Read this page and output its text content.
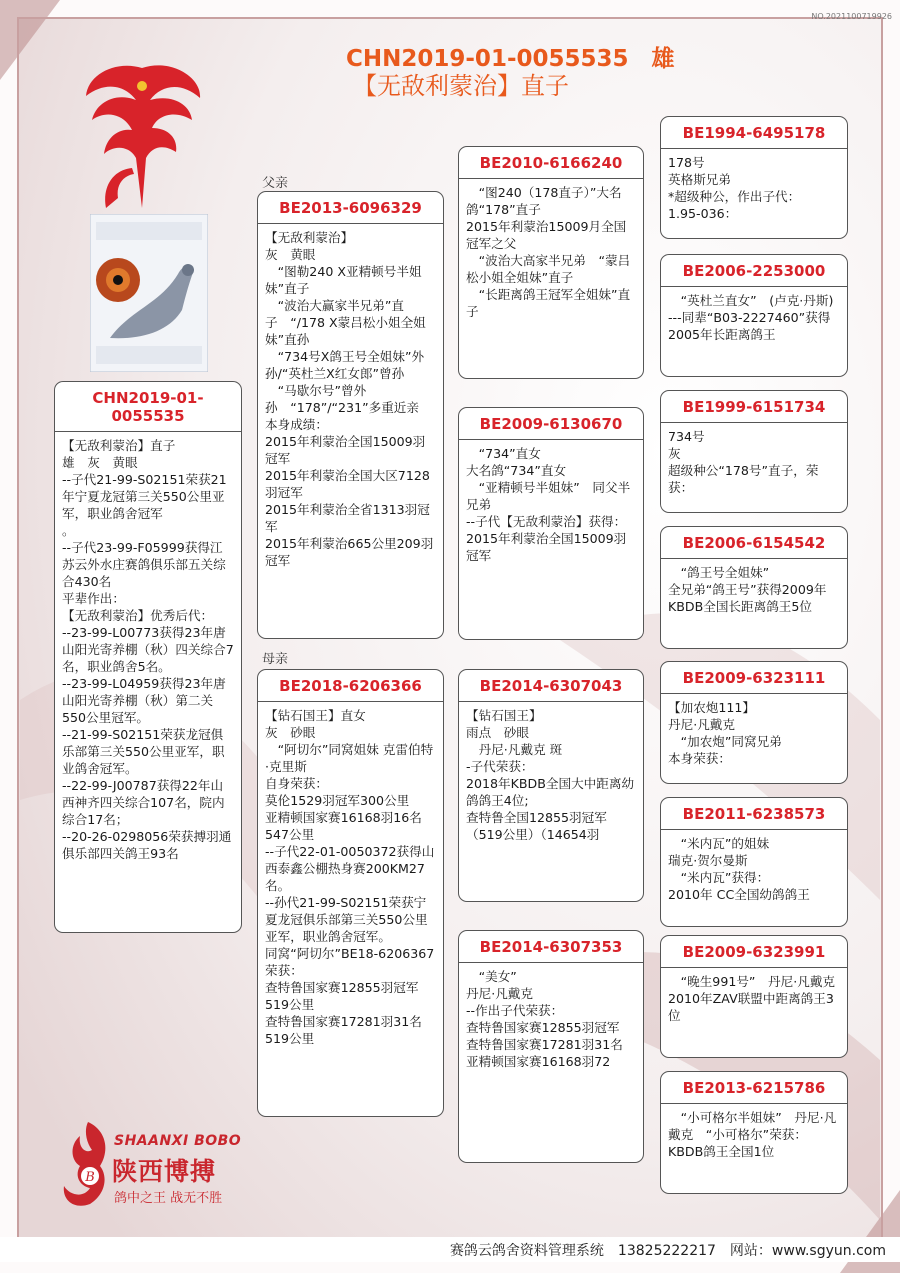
NO.2021100719926
CHN2019-01-0055535　雄
【无敌利蒙治】直子
父亲
母亲
CHN2019-01-0055535
【无敌利蒙治】直子
雄　灰　黄眼
--子代21-99-S02151荣获21年宁夏龙冠第三关550公里亚军，职业鸽舍冠军
。
--子代23-99-F05999获得江苏云外水庄赛鸽俱乐部五关综合430名
平辈作出：
【无敌利蒙治】优秀后代：
--23-99-L00773获得23年唐山阳光寄养棚（秋）四关综合7名，职业鸽舍5名。
--23-99-L04959获得23年唐山阳光寄养棚（秋）第二关550公里冠军。
--21-99-S02151荣获龙冠俱乐部第三关550公里亚军，职业鸽舍冠军。
--22-99-J00787获得22年山西神齐四关综合107名，院内综合17名；
--20-26-0298056荣获搏羽通俱乐部四关鸽王93名
BE2013-6096329
【无敌利蒙治】
灰　黄眼
　“图勒240 X亚精顿号半姐妹”直子
　“波治大赢家半兄弟”直子　“/178 X蒙吕松小姐全姐妹”直孙
　“734号X鸽王号全姐妹”外孙/“英杜兰X红女郎”曾孙
　“马歇尔号”曾外孙　“178”/“231”多重近亲
本身成绩：
2015年利蒙治全国15009羽冠军
2015年利蒙治全国大区7128羽冠军
2015年利蒙治全省1313羽冠军
2015年利蒙治665公里209羽冠军
BE2018-6206366
【钻石国王】直女
灰　砂眼
　“阿切尔”同窝姐妹 克雷伯特·克里斯
自身荣获：
莫伦1529羽冠军300公里
亚精顿国家赛16168羽16名547公里
--子代22-01-0050372获得山西泰鑫公棚热身赛200KM27名。
--孙代21-99-S02151荣获宁夏龙冠俱乐部第三关550公里亚军，职业鸽舍冠军。
同窝“阿切尔”BE18-6206367荣获：
查特鲁国家赛12855羽冠军519公里
查特鲁国家赛17281羽31名519公里
BE2010-6166240
　“图240（178直子）”大名鸽“178”直子
2015年利蒙治15009月全国冠军之父
　“波治大高家半兄弟　“蒙吕松小姐全姐妹”直子
　“长距离鸽王冠军全姐妹”直 子
BE2009-6130670
　“734”直女
大名鸽“734”直女
　“亚精顿号半姐妹”　同父半兄弟
--子代【无敌利蒙治】获得：
2015年利蒙治全国15009羽冠军
BE2014-6307043
【钻石国王】
雨点　砂眼
　丹尼·凡戴克 斑
-子代荣获：
2018年KBDB全国大中距离幼鸽鸽王4位;
查特鲁全国12855羽冠军（519公里）（14654羽
BE2014-6307353
　“美女”
丹尼·凡戴克
--作出子代荣获：
查特鲁国家赛12855羽冠军
查特鲁国家赛17281羽31名
亚精顿国家赛16168羽72
BE1994-6495178
178号
英格斯兄弟
*超级种公，作出子代：
1.95-036：
BE2006-2253000
　“英杜兰直女”　(卢克·丹斯)
---同辈“B03-2227460”获得2005年长距离鸽王
BE1999-6151734
734号
灰
超级种公“178号”直子，荣获：
BE2006-6154542
　“鸽王号全姐妹”
全兄弟“鸽王号”获得2009年KBDB全国长距离鸽王5位
BE2009-6323111
【加农炮111】
丹尼·凡戴克
　“加农炮”同窝兄弟
本身荣获：
BE2011-6238573
　“米内瓦”的姐妹
瑞克·贺尔曼斯
　“米内瓦”获得：
2010年 CC全国幼鸽鸽王
BE2009-6323991
　“晚生991号”　丹尼·凡戴克
2010年ZAV联盟中距离鸽王3位
BE2013-6215786
　“小可格尔半姐妹”　丹尼·凡戴克　“小可格尔”荣获：　KBDB鸽王全国1位
B
SHAANXI BOBO
陕西博搏
鸽中之王 战无不胜
赛鸽云鸽舍资料管理系统　13825222217　网站：www.sgyun.com
